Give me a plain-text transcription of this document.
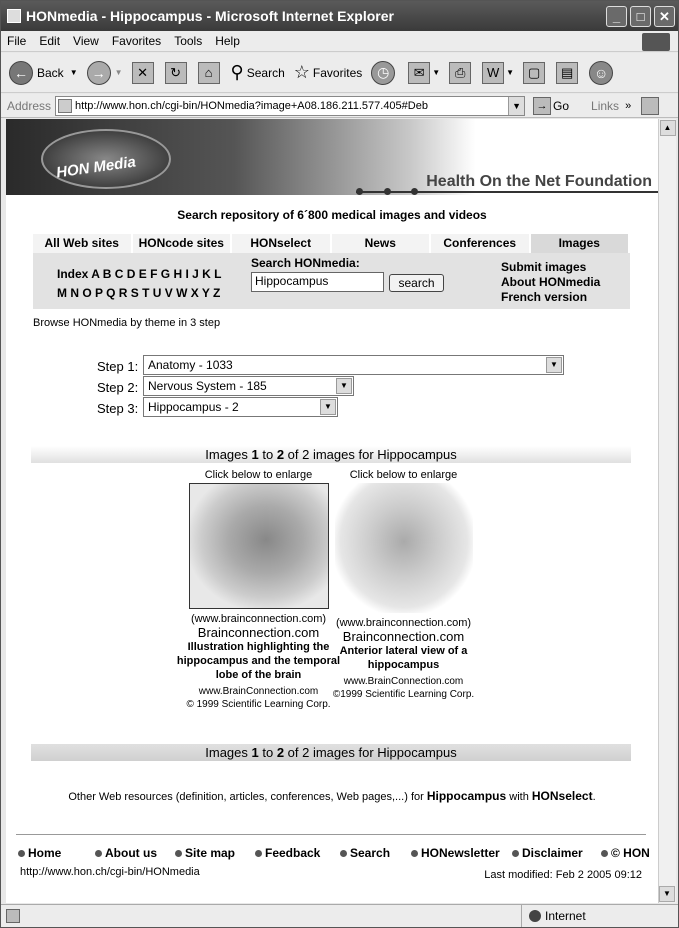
HONmedia - Hippocampus - Microsoft Internet Explorer	_	□	✕
File Edit View Favorites Tools Help
← Back ▼	→	▼	✕	↻	⌂	⚲ Search ☆ Favorites	◷	✉ ▼	⎙	W ▼	▢	▤	☺
Address http://www.hon.ch/cgi-bin/HONmedia?image+A08.186.211.577.405#Deb	▼	→ Go Links »
HON Media
Health On the Net Foundation
Search repository of 6´800 medical images and videos
All Web sites	HONcode sites	HONselect	News	Conferences	Images
Index A B C D E F G H I J K L
M N O P Q R S T U V W X Y Z
Search HONmedia:
Hippocampus	search
Submit images
About HONmedia
French version
Browse HONmedia by theme in 3 step
Step 1: Anatomy - 1033	▼
Step 2: Nervous System - 185	▼
Step 3: Hippocampus - 2	▼
Images 1 to 2 of 2 images for Hippocampus
Click below to enlarge
(www.brainconnection.com)
Brainconnection.com
Illustration highlighting the hippocampus and the temporal lobe of the brain
www.BrainConnection.com
© 1999 Scientific Learning Corp.
Click below to enlarge
(www.brainconnection.com)
Brainconnection.com
Anterior lateral view of a hippocampus
www.BrainConnection.com
©1999 Scientific Learning Corp.
Images 1 to 2 of 2 images for Hippocampus
Other Web resources (definition, articles, conferences, Web pages,...) for Hippocampus with HONselect.
Home	About us Site map Feedback Search	HONewsletter Disclaimer © HON
http://www.hon.ch/cgi-bin/HONmedia	Last modified: Feb 2 2005 09:12
▲
▼
Internet
